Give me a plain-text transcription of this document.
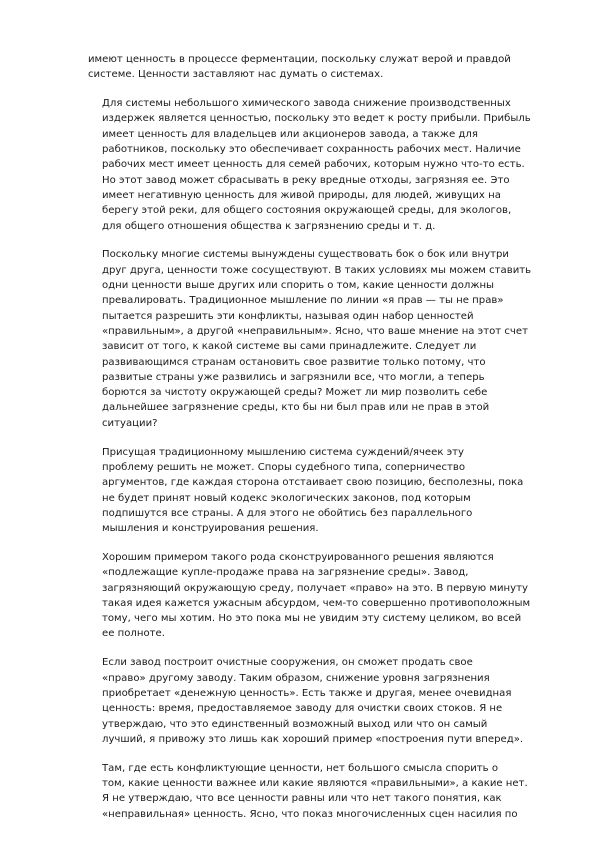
имеют ценность в процессе ферментации, поскольку служат верой и правдой
системе. Ценности заставляют нас думать о системах.

Для системы небольшого химического завода снижение производственных
издержек является ценностью, поскольку это ведет к росту прибыли. Прибыль
имеет ценность для владельцев или акционеров завода, а также для
работников, поскольку это обеспечивает сохранность рабочих мест. Наличие
рабочих мест имеет ценность для семей рабочих, которым нужно что-то есть.
Но этот завод может сбрасывать в реку вредные отходы, загрязняя ее. Это
имеет негативную ценность для живой природы, для людей, живущих на
берегу этой реки, для общего состояния окружающей среды, для экологов,
для общего отношения общества к загрязнению среды и т. д.

Поскольку многие системы вынуждены существовать бок о бок или внутри
друг друга, ценности тоже сосуществуют. В таких условиях мы можем ставить
одни ценности выше других или спорить о том, какие ценности должны
превалировать. Традиционное мышление по линии «я прав — ты не прав»
пытается разрешить эти конфликты, называя один набор ценностей
«правильным», а другой «неправильным». Ясно, что ваше мнение на этот счет
зависит от того, к какой системе вы сами принадлежите. Следует ли
развивающимся странам остановить свое развитие только потому, что
развитые страны уже развились и загрязнили все, что могли, а теперь
борются за чистоту окружающей среды? Может ли мир позволить себе
дальнейшее загрязнение среды, кто бы ни был прав или не прав в этой
ситуации?

Присущая традиционному мышлению система суждений/ячеек эту
проблему решить не может. Споры судебного типа, соперничество
аргументов, где каждая сторона отстаивает свою позицию, бесполезны, пока
не будет принят новый кодекс экологических законов, под которым
подпишутся все страны. А для этого не обойтись без параллельного
мышления и конструирования решения.

Хорошим примером такого рода сконструированного решения являются
«подлежащие купле-продаже права на загрязнение среды». Завод,
загрязняющий окружающую среду, получает «право» на это. В первую минуту
такая идея кажется ужасным абсурдом, чем-то совершенно противоположным
тому, чего мы хотим. Но это пока мы не увидим эту систему целиком, во всей
ее полноте.

Если завод построит очистные сооружения, он сможет продать свое
«право» другому заводу. Таким образом, снижение уровня загрязнения
приобретает «денежную ценность». Есть также и другая, менее очевидная
ценность: время, предоставляемое заводу для очистки своих стоков. Я не
утверждаю, что это единственный возможный выход или что он самый
лучший, я привожу это лишь как хороший пример «построения пути вперед».

Там, где есть конфликтующие ценности, нет большого смысла спорить о
том, какие ценности важнее или какие являются «правильными», а какие нет.
Я не утверждаю, что все ценности равны или что нет такого понятия, как
«неправильная» ценность. Ясно, что показ многочисленных сцен насилия по
